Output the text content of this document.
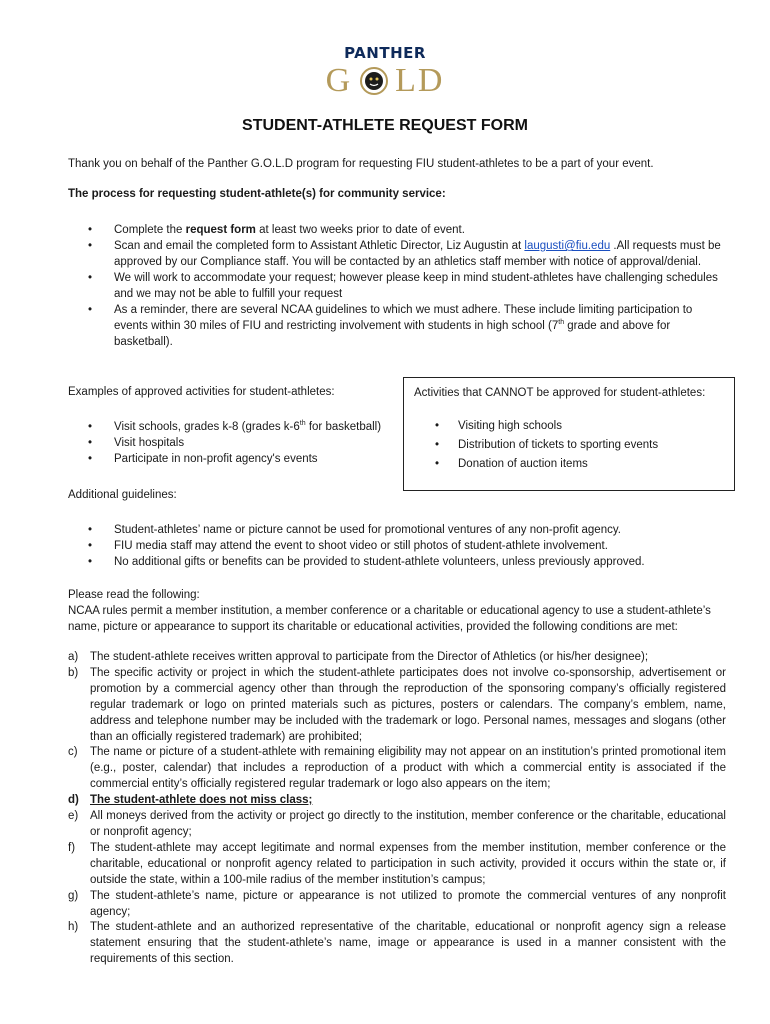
PANTHER
G LD
STUDENT-ATHLETE REQUEST FORM

Thank you on behalf of the Panther G.O.L.D program for requesting FIU student-athletes to be a part of your event.

The process for requesting student-athlete(s) for community service:

• Complete the request form at least two weeks prior to date of event.
• Scan and email the completed form to Assistant Athletic Director, Liz Augustin at laugusti@fiu.edu .All requests must be approved by our Compliance staff. You will be contacted by an athletics staff member with notice of approval/denial.
• We will work to accommodate your request; however please keep in mind student-athletes have challenging schedules and we may not be able to fulfill your request
• As a reminder, there are several NCAA guidelines to which we must adhere. These include limiting participation to events within 30 miles of FIU and restricting involvement with students in high school (7th grade and above for basketball).

Examples of approved activities for student-athletes:

• Visit schools, grades k-8 (grades k-6th for basketball)
• Visit hospitals
• Participate in non-profit agency's events

Activities that CANNOT be approved for student-athletes:

• Visiting high schools
• Distribution of tickets to sporting events
• Donation of auction items

Additional guidelines:

• Student-athletes’ name or picture cannot be used for promotional ventures of any non-profit agency.
• FIU media staff may attend the event to shoot video or still photos of student-athlete involvement.
• No additional gifts or benefits can be provided to student-athlete volunteers, unless previously approved.

Please read the following:

NCAA rules permit a member institution, a member conference or a charitable or educational agency to use a student-athlete’s name, picture or appearance to support its charitable or educational activities, provided the following conditions are met:

a) The student-athlete receives written approval to participate from the Director of Athletics (or his/her designee);
b) The specific activity or project in which the student-athlete participates does not involve co-sponsorship, advertisement or promotion by a commercial agency other than through the reproduction of the sponsoring company’s officially registered regular trademark or logo on printed materials such as pictures, posters or calendars. The company’s emblem, name, address and telephone number may be included with the trademark or logo. Personal names, messages and slogans (other than an officially registered trademark) are prohibited;
c) The name or picture of a student-athlete with remaining eligibility may not appear on an institution’s printed promotional item (e.g., poster, calendar) that includes a reproduction of a product with which a commercial entity is associated if the commercial entity’s officially registered regular trademark or logo also appears on the item;
d) The student-athlete does not miss class;
e) All moneys derived from the activity or project go directly to the institution, member conference or the charitable, educational or nonprofit agency;
f) The student-athlete may accept legitimate and normal expenses from the member institution, member conference or the charitable, educational or nonprofit agency related to participation in such activity, provided it occurs within the state or, if outside the state, within a 100-mile radius of the member institution’s campus;
g) The student-athlete’s name, picture or appearance is not utilized to promote the commercial ventures of any nonprofit agency;
h) The student-athlete and an authorized representative of the charitable, educational or nonprofit agency sign a release statement ensuring that the student-athlete’s name, image or appearance is used in a manner consistent with the requirements of this section.
